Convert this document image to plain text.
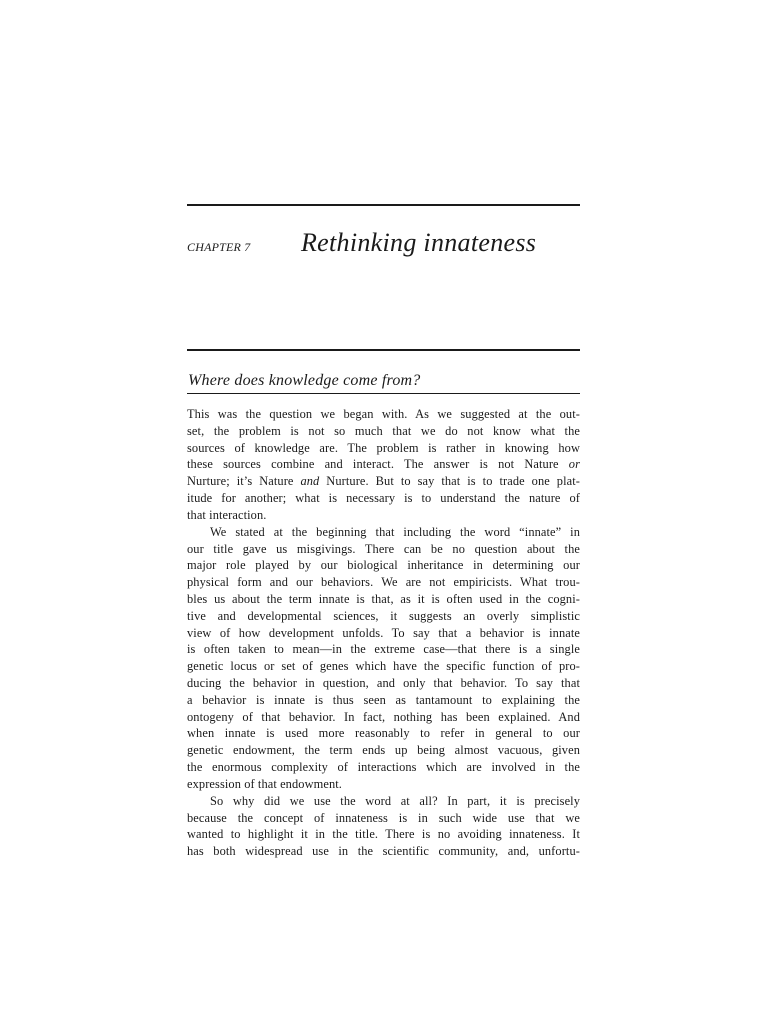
CHAPTER 7 Rethinking innateness
Where does knowledge come from?
This was the question we began with. As we suggested at the out-
set, the problem is not so much that we do not know what the
sources of knowledge are. The problem is rather in knowing how
these sources combine and interact. The answer is not Nature or
Nurture; it’s Nature and Nurture. But to say that is to trade one plat-
itude for another; what is necessary is to understand the nature of
that interaction.
We stated at the beginning that including the word “innate” in
our title gave us misgivings. There can be no question about the
major role played by our biological inheritance in determining our
physical form and our behaviors. We are not empiricists. What trou-
bles us about the term innate is that, as it is often used in the cogni-
tive and developmental sciences, it suggests an overly simplistic
view of how development unfolds. To say that a behavior is innate
is often taken to mean—in the extreme case—that there is a single
genetic locus or set of genes which have the specific function of pro-
ducing the behavior in question, and only that behavior. To say that
a behavior is innate is thus seen as tantamount to explaining the
ontogeny of that behavior. In fact, nothing has been explained. And
when innate is used more reasonably to refer in general to our
genetic endowment, the term ends up being almost vacuous, given
the enormous complexity of interactions which are involved in the
expression of that endowment.
So why did we use the word at all? In part, it is precisely
because the concept of innateness is in such wide use that we
wanted to highlight it in the title. There is no avoiding innateness. It
has both widespread use in the scientific community, and, unfortu-
